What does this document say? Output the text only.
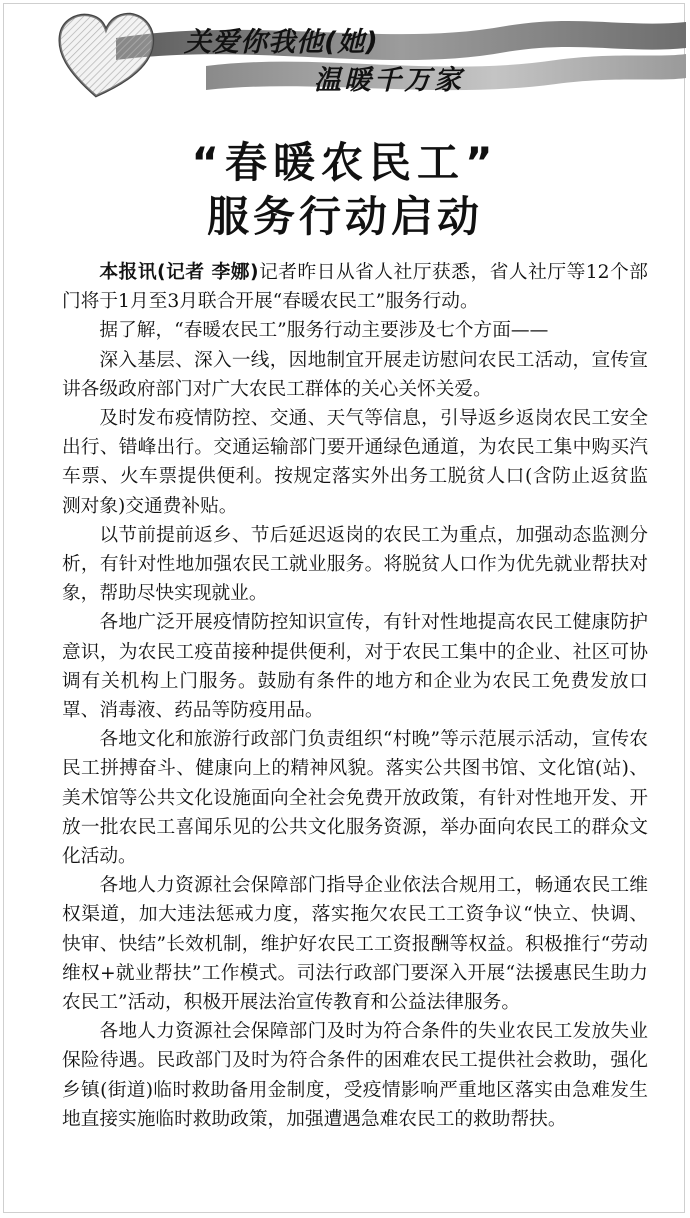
关爱你我他(她)
温暖千万家
“春暖农民工”
服务行动启动

本报讯(记者 李娜)记者昨日从省人社厅获悉，省人社厅等12个部门将于1月至3月联合开展“春暖农民工”服务行动。

据了解，“春暖农民工”服务行动主要涉及七个方面——

深入基层、深入一线，因地制宜开展走访慰问农民工活动，宣传宣讲各级政府部门对广大农民工群体的关心关怀关爱。

及时发布疫情防控、交通、天气等信息，引导返乡返岗农民工安全出行、错峰出行。交通运输部门要开通绿色通道，为农民工集中购买汽车票、火车票提供便利。按规定落实外出务工脱贫人口(含防止返贫监测对象)交通费补贴。

以节前提前返乡、节后延迟返岗的农民工为重点，加强动态监测分析，有针对性地加强农民工就业服务。将脱贫人口作为优先就业帮扶对象，帮助尽快实现就业。

各地广泛开展疫情防控知识宣传，有针对性地提高农民工健康防护意识，为农民工疫苗接种提供便利，对于农民工集中的企业、社区可协调有关机构上门服务。鼓励有条件的地方和企业为农民工免费发放口罩、消毒液、药品等防疫用品。

各地文化和旅游行政部门负责组织“村晚”等示范展示活动，宣传农民工拼搏奋斗、健康向上的精神风貌。落实公共图书馆、文化馆(站)、美术馆等公共文化设施面向全社会免费开放政策，有针对性地开发、开放一批农民工喜闻乐见的公共文化服务资源，举办面向农民工的群众文化活动。

各地人力资源社会保障部门指导企业依法合规用工，畅通农民工维权渠道，加大违法惩戒力度，落实拖欠农民工工资争议“快立、快调、快审、快结”长效机制，维护好农民工工资报酬等权益。积极推行“劳动维权+就业帮扶”工作模式。司法行政部门要深入开展“法援惠民生助力农民工”活动，积极开展法治宣传教育和公益法律服务。

各地人力资源社会保障部门及时为符合条件的失业农民工发放失业保险待遇。民政部门及时为符合条件的困难农民工提供社会救助，强化乡镇(街道)临时救助备用金制度，受疫情影响严重地区落实由急难发生地直接实施临时救助政策，加强遭遇急难农民工的救助帮扶。
